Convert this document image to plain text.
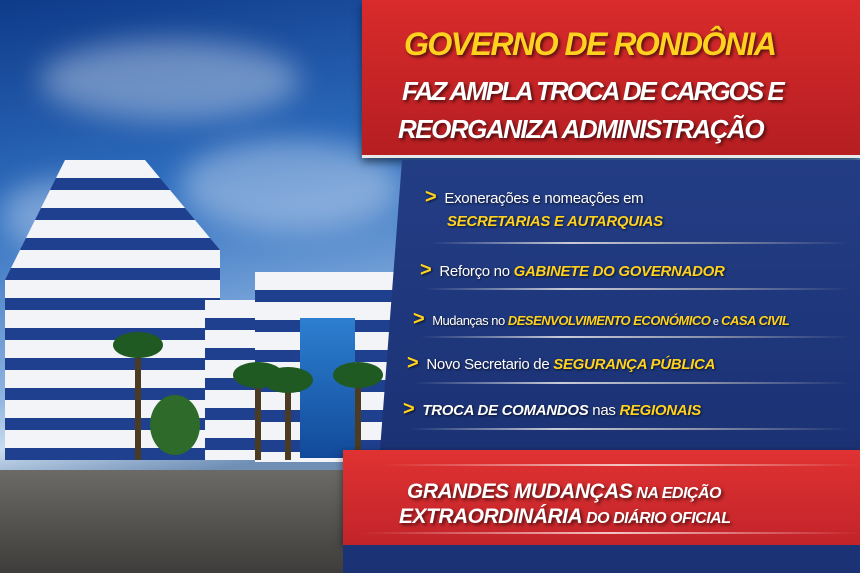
GOVERNO DE RONDÔNIA
FAZ AMPLA TROCA DE CARGOS E
REORGANIZA ADMINISTRAÇÃO
> Exonerações e nomeações em
SECRETARIAS E AUTARQUIAS
> Reforço no GABINETE DO GOVERNADOR
> Mudanças no DESENVOLVIMENTO ECONÓMICO e CASA CIVIL
> Novo Secretario de SEGURANÇA PÚBLICA
> TROCA DE COMANDOS nas REGIONAIS
GRANDES MUDANÇAS NA EDIÇÃO
EXTRAORDINÁRIA DO DIÁRIO OFICIAL
